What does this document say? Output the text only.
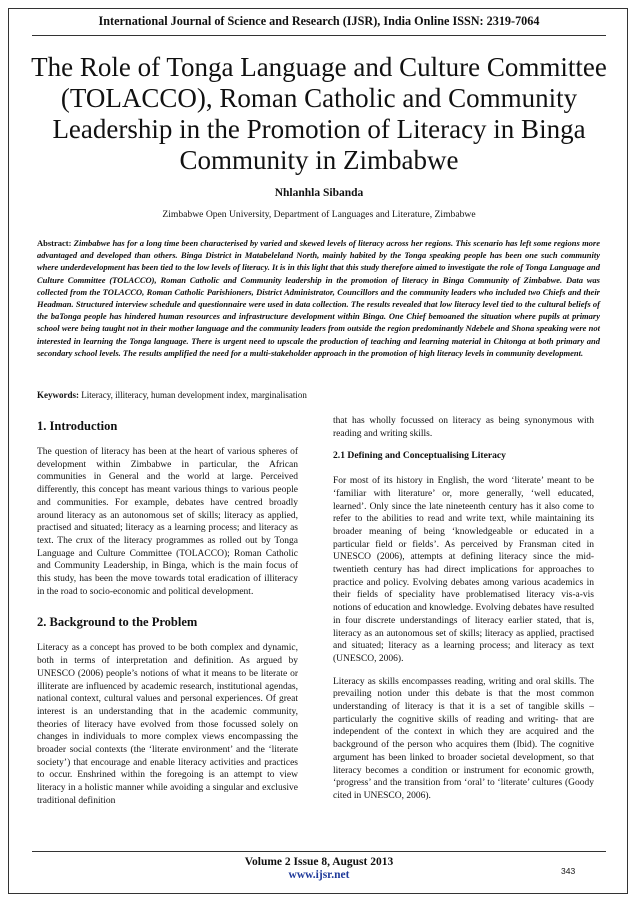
International Journal of Science and Research (IJSR), India Online ISSN: 2319-7064
The Role of Tonga Language and Culture Committee (TOLACCO), Roman Catholic and Community Leadership in the Promotion of Literacy in Binga Community in Zimbabwe
Nhlanhla Sibanda
Zimbabwe Open University, Department of Languages and Literature, Zimbabwe
Abstract: Zimbabwe has for a long time been characterised by varied and skewed levels of literacy across her regions. This scenario has left some regions more advantaged and developed than others. Binga District in Matabeleland North, mainly habited by the Tonga speaking people has been one such community where underdevelopment has been tied to the low levels of literacy. It is in this light that this study therefore aimed to investigate the role of Tonga Language and Culture Committee (TOLACCO), Roman Catholic and Community leadership in the promotion of literacy in Binga Community of Zimbabwe. Data was collected from the TOLACCO, Roman Catholic Parishioners, District Administrator, Councillors and the community leaders who included two Chiefs and their Headman. Structured interview schedule and questionnaire were used in data collection. The results revealed that low literacy level tied to the cultural beliefs of the baTonga people has hindered human resources and infrastructure development within Binga. One Chief bemoaned the situation where pupils at primary school were being taught not in their mother language and the community leaders from outside the region predominantly Ndebele and Shona speaking were not interested in learning the Tonga language. There is urgent need to upscale the production of teaching and learning material in Chitonga at both primary and secondary school levels. The results amplified the need for a multi-stakeholder approach in the promotion of high literacy levels in community development.
Keywords: Literacy, illiteracy, human development index, marginalisation
1. Introduction

The question of literacy has been at the heart of various spheres of development within Zimbabwe in particular, the African communities in General and the world at large. Perceived differently, this concept has meant various things to various people and communities. For example, debates have centred broadly around literacy as an autonomous set of skills; literacy as applied, practised and situated; literacy as a learning process; and literacy as text. The crux of the literacy programmes as rolled out by Tonga Language and Culture Committee (TOLACCO); Roman Catholic and Community Leadership, in Binga, which is the main focus of this study, has been the move towards total eradication of illiteracy in the road to socio-economic and political development.

2. Background to the Problem

Literacy as a concept has proved to be both complex and dynamic, both in terms of interpretation and definition. As argued by UNESCO (2006) people’s notions of what it means to be literate or illiterate are influenced by academic research, institutional agendas, national context, cultural values and personal experiences. Of great interest is an understanding that in the academic community, theories of literacy have evolved from those focussed solely on changes in individuals to more complex views encompassing the broader social contexts (the ‘literate environment’ and the ‘literate society’) that encourage and enable literacy activities and practices to occur. Enshrined within the foregoing is an attempt to view literacy in a holistic manner while avoiding a singular and exclusive traditional definition

that has wholly focussed on literacy as being synonymous with reading and writing skills.

2.1 Defining and Conceptualising Literacy

For most of its history in English, the word ‘literate’ meant to be ‘familiar with literature’ or, more generally, ‘well educated, learned’. Only since the late nineteenth century has it also come to refer to the abilities to read and write text, while maintaining its broader meaning of being ‘knowledgeable or educated in a particular field or fields’. As perceived by Fransman cited in UNESCO (2006), attempts at defining literacy since the mid-twentieth century has had direct implications for approaches to practice and policy. Evolving debates among various academics in their fields of speciality have problematised literacy vis-a-vis notions of education and knowledge. Evolving debates have resulted in four discrete understandings of literacy earlier stated, that is, literacy as an autonomous set of skills; literacy as applied, practised and situated; literacy as a learning process; and literacy as text (UNESCO, 2006).

Literacy as skills encompasses reading, writing and oral skills. The prevailing notion under this debate is that the most common understanding of literacy is that it is a set of tangible skills – particularly the cognitive skills of reading and writing- that are independent of the context in which they are acquired and the background of the person who acquires them (Ibid). The cognitive argument has been linked to broader societal development, so that literacy becomes a condition or instrument for economic growth, ‘progress’ and the transition from ‘oral’ to ‘literate’ cultures (Goody cited in UNESCO, 2006).

Volume 2 Issue 8, August 2013
www.ijsr.net	343
